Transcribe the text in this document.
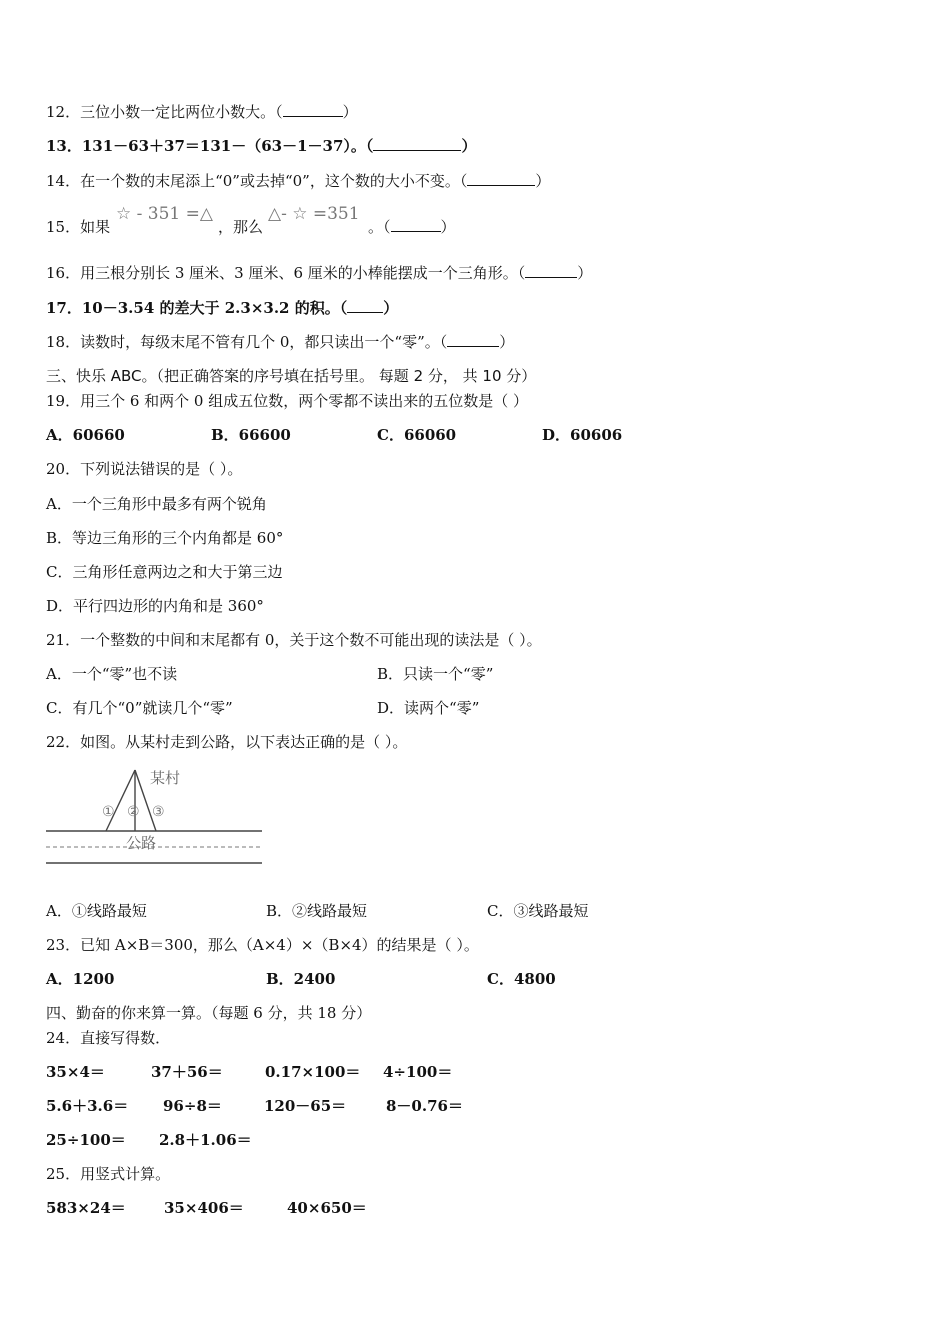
12．三位小数一定比两位小数大。（	）
13．131－63＋37＝131－（63－1－37）。（	）
14．在一个数的末尾添上“0”或去掉“0”，这个数的大小不变。（	）
15．如果
☆ - 351 =△
，那么
△- ☆ =351
。（	）
16．用三根分别长 3 厘米、3 厘米、6 厘米的小棒能摆成一个三角形。（	）
17．10－3.54 的差大于 2.3×3.2 的积。（ ）
18．读数时，每级末尾不管有几个 0，都只读出一个“零”。（	）
三、快乐 ABC。（把正确答案的序号填在括号里。 每题 2 分， 共 10 分）
19．用三个 6 和两个 0 组成五位数，两个零都不读出来的五位数是（ ）
A．60660	B．66600	C．66060	D．60606
20．下列说法错误的是（ ）。
A．一个三角形中最多有两个锐角
B．等边三角形的三个内角都是 60°
C．三角形任意两边之和大于第三边
D．平行四边形的内角和是 360°
21．一个整数的中间和末尾都有 0，关于这个数不可能出现的读法是（ ）。
A．一个“零”也不读	B．只读一个“零”
C．有几个“0”就读几个“零”	D．读两个“零”
22．如图。从某村走到公路，以下表达正确的是（ ）。
某村
① ② ③
公路
A．①线路最短	B．②线路最短	C．③线路最短
23．已知 A×B＝300，那么（A×4）×（B×4）的结果是（ ）。
A．1200	B．2400	C．4800
四、勤奋的你来算一算。（每题 6 分，共 18 分）
24．直接写得数．
35×4＝	37＋56＝	0.17×100＝ 4÷100＝
5.6＋3.6＝ 96÷8＝	120－65＝	8－0.76＝
25÷100＝ 2.8＋1.06＝
25．用竖式计算。
583×24＝	35×406＝	40×650＝
